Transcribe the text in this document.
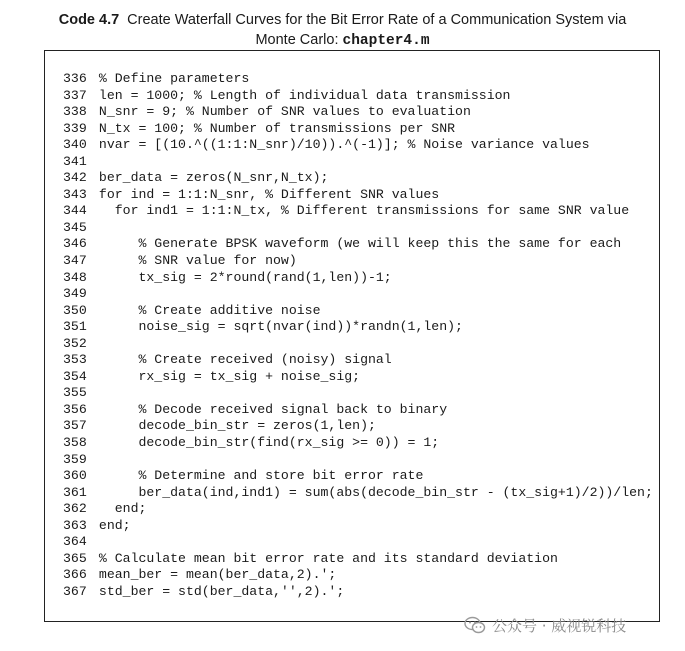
Code 4.7 Create Waterfall Curves for the Bit Error Rate of a Communication System via
Monte Carlo: chapter4.m
336 % Define parameters
337 len = 1000; % Length of individual data transmission
338 N_snr = 9; % Number of SNR values to evaluation
339 N_tx = 100; % Number of transmissions per SNR
340 nvar = [(10.^((1:1:N_snr)/10)).^(-1)]; % Noise variance values
341
342 ber_data = zeros(N_snr,N_tx);
343 for ind = 1:1:N_snr, % Different SNR values
344   for ind1 = 1:1:N_tx, % Different transmissions for same SNR value
345
346      % Generate BPSK waveform (we will keep this the same for each
347      % SNR value for now)
348      tx_sig = 2*round(rand(1,len))-1;
349
350      % Create additive noise
351      noise_sig = sqrt(nvar(ind))*randn(1,len);
352
353      % Create received (noisy) signal
354      rx_sig = tx_sig + noise_sig;
355
356      % Decode received signal back to binary
357      decode_bin_str = zeros(1,len);
358      decode_bin_str(find(rx_sig >= 0)) = 1;
359
360      % Determine and store bit error rate
361      ber_data(ind,ind1) = sum(abs(decode_bin_str - (tx_sig+1)/2))/len;
362   end;
363 end;
364
365 % Calculate mean bit error rate and its standard deviation
366 mean_ber = mean(ber_data,2).';
367 std_ber = std(ber_data,'',2).';
公众号 · 威视锐科技
